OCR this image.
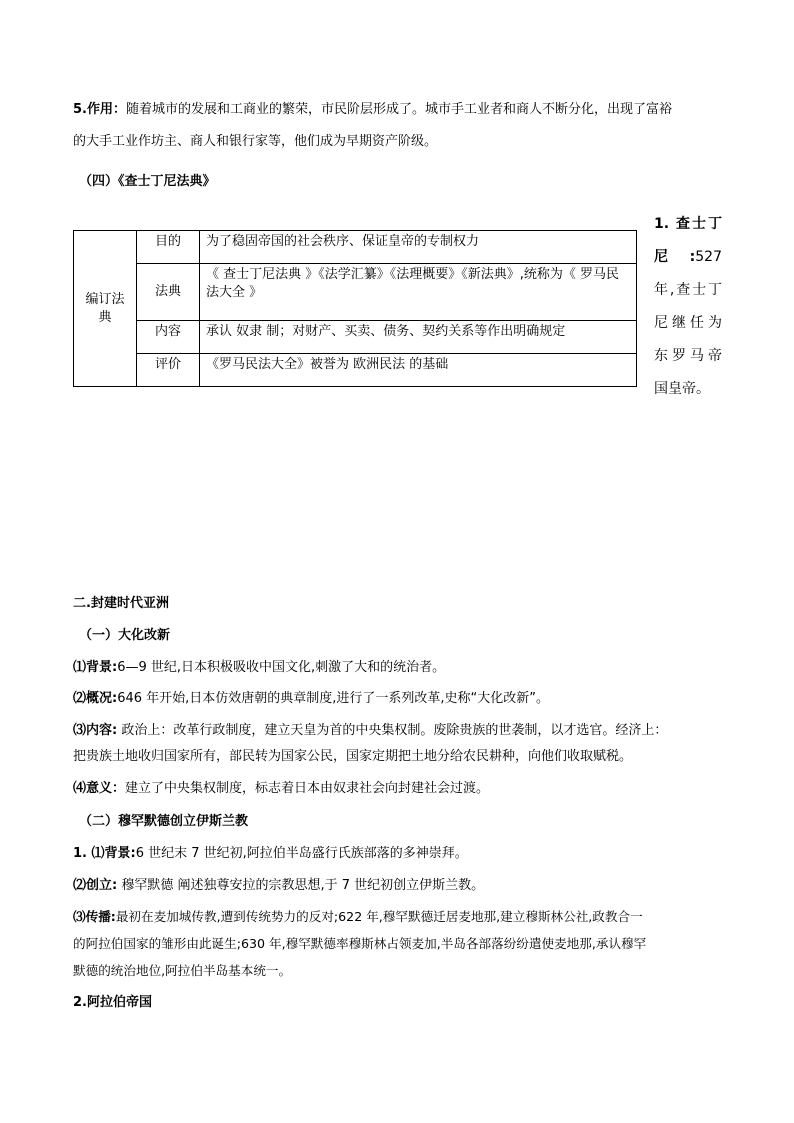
5.作用：随着城市的发展和工商业的繁荣，市民阶层形成了。城市手工业者和商人不断分化，出现了富裕
的大手工业作坊主、商人和银行家等，他们成为早期资产阶级。
（四）《查士丁尼法典》
编订法典	目的	为了稳固帝国的社会秩序、保证皇帝的专制权力
	法典	《 查士丁尼法典 》《法学汇纂》《法理概要》《新法典》,统称为《 罗马民法大全 》
	内容	承认 奴隶 制；对财产、买卖、债务、契约关系等作出明确规定
	评价	《罗马民法大全》被誉为 欧洲民法 的基础
1. 查士丁尼:527 年,查士丁尼继任为东罗马帝国皇帝。
二.封建时代亚洲
（一）大化改新
⑴背景:6—9 世纪,日本积极吸收中国文化,刺激了大和的统治者。
⑵概况:646 年开始,日本仿效唐朝的典章制度,进行了一系列改革,史称“大化改新”。
⑶内容: 政治上：改革行政制度，建立天皇为首的中央集权制。废除贵族的世袭制，以才选官。经济上：
把贵族土地收归国家所有，部民转为国家公民，国家定期把土地分给农民耕种，向他们收取赋税。
⑷意义：建立了中央集权制度，标志着日本由奴隶社会向封建社会过渡。
（二）穆罕默德创立伊斯兰教
1. ⑴背景:6 世纪末 7 世纪初,阿拉伯半岛盛行氏族部落的多神崇拜。
⑵创立: 穆罕默德 阐述独尊安拉的宗教思想,于 7 世纪初创立伊斯兰教。
⑶传播:最初在麦加城传教,遭到传统势力的反对;622 年,穆罕默德迁居麦地那,建立穆斯林公社,政教合一
的阿拉伯国家的雏形由此诞生;630 年,穆罕默德率穆斯林占领麦加,半岛各部落纷纷遣使麦地那,承认穆罕
默德的统治地位,阿拉伯半岛基本统一。
2.阿拉伯帝国
